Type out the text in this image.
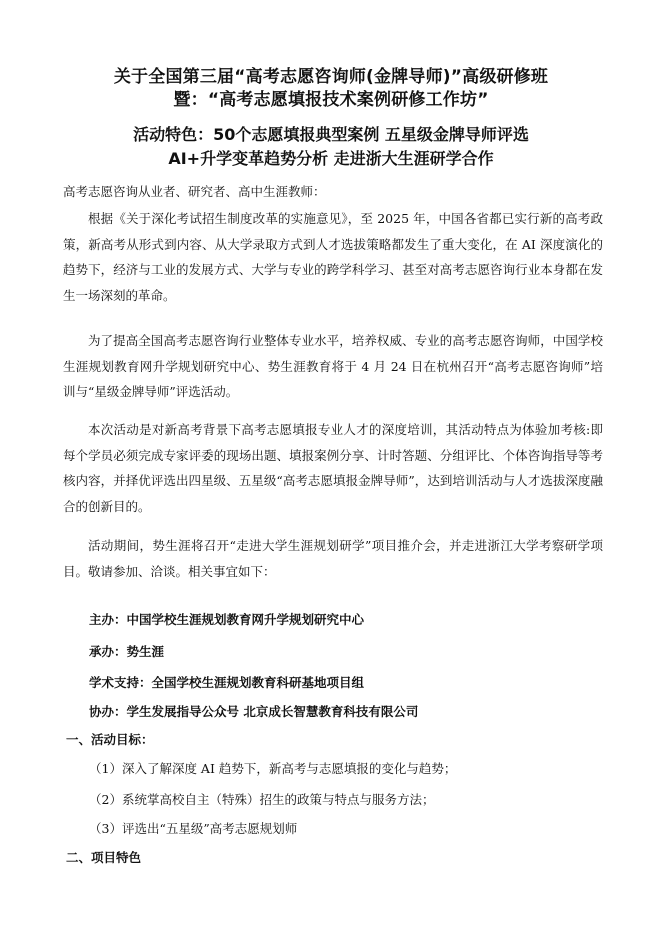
关于全国第三届“高考志愿咨询师(金牌导师)”高级研修班
暨：“高考志愿填报技术案例研修工作坊”
活动特色：50个志愿填报典型案例 五星级金牌导师评选
AI+升学变革趋势分析 走进浙大生涯研学合作
高考志愿咨询从业者、研究者、高中生涯教师：
根据《关于深化考试招生制度改革的实施意见》，至 2025 年，中国各省都已实行新的高考政策，新高考从形式到内容、从大学录取方式到人才选拔策略都发生了重大变化，在 AI 深度演化的趋势下，经济与工业的发展方式、大学与专业的跨学科学习、甚至对高考志愿咨询行业本身都在发生一场深刻的革命。
为了提高全国高考志愿咨询行业整体专业水平，培养权威、专业的高考志愿咨询师，中国学校生涯规划教育网升学规划研究中心、势生涯教育将于 4 月 24 日在杭州召开“高考志愿咨询师”培训与“星级金牌导师”评选活动。
本次活动是对新高考背景下高考志愿填报专业人才的深度培训，其活动特点为体验加考核:即每个学员必须完成专家评委的现场出题、填报案例分享、计时答题、分组评比、个体咨询指导等考核内容，并择优评选出四星级、五星级“高考志愿填报金牌导师”，达到培训活动与人才选拔深度融合的创新目的。
活动期间，势生涯将召开“走进大学生涯规划研学”项目推介会，并走进浙江大学考察研学项目。敬请参加、洽谈。相关事宜如下：
主办：中国学校生涯规划教育网升学规划研究中心
承办：势生涯
学术支持：全国学校生涯规划教育科研基地项目组
协办：学生发展指导公众号 北京成长智慧教育科技有限公司
一、活动目标：
（1）深入了解深度 AI 趋势下，新高考与志愿填报的变化与趋势；
（2）系统掌高校自主（特殊）招生的政策与特点与服务方法；
（3）评选出“五星级”高考志愿规划师
二、项目特色
